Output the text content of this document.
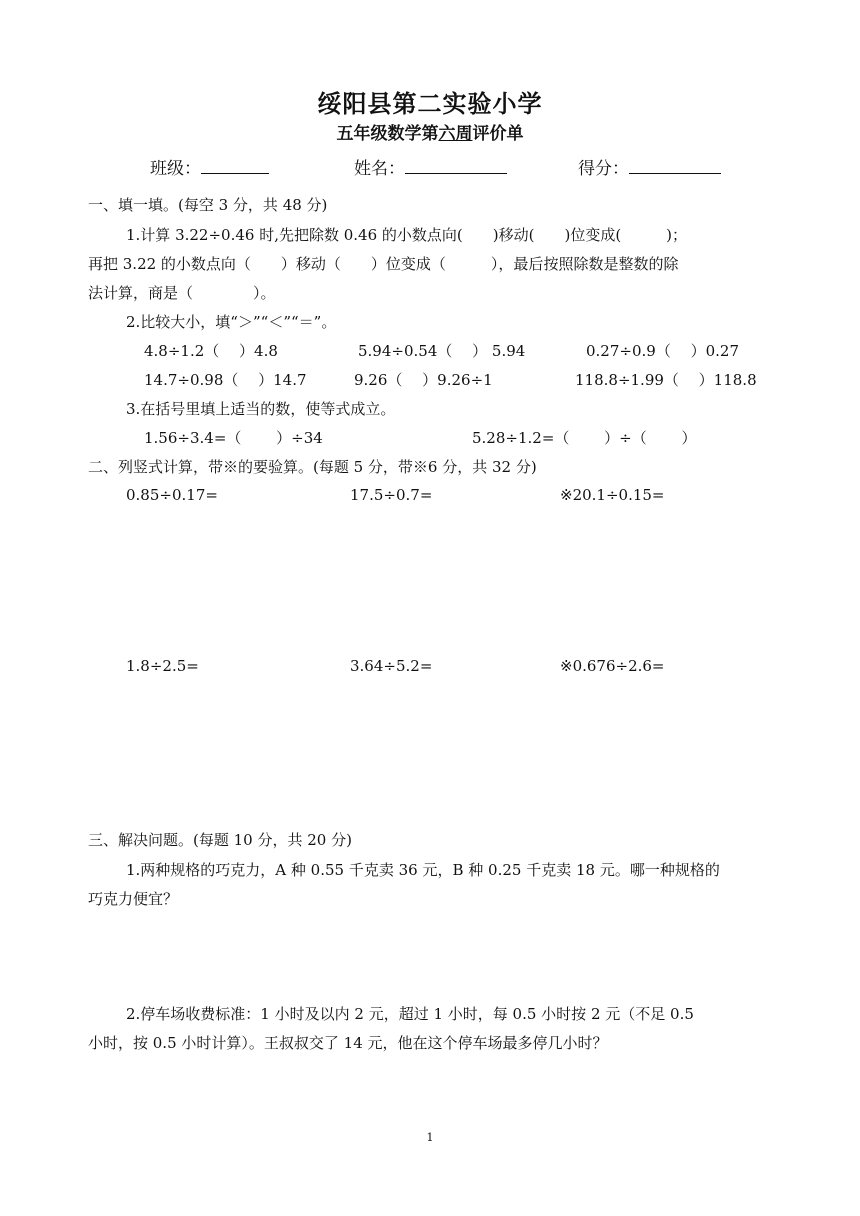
绥阳县第二实验小学
五年级数学第六周评价单
班级：	姓名：	得分：
一、填一填。(每空 3 分，共 48 分)
1.计算 3.22÷0.46 时,先把除数 0.46 的小数点向(　　)移动(　　)位变成(　　　)；
再把 3.22 的小数点向（　　）移动（　　）位变成（　　　），最后按照除数是整数的除
法计算，商是（　　　　）。
2.比较大小，填“＞”“＜”“＝”。
4.8÷1.2（　 ）4.8	5.94÷0.54（　 ） 5.94	0.27÷0.9（　 ）0.27
14.7÷0.98（　 ）14.7	9.26（　 ）9.26÷1	118.8÷1.99（　 ）118.8
3.在括号里填上适当的数，使等式成立。
1.56÷3.4=（　　 ）÷34	5.28÷1.2=（　　 ）÷（　　 ）
二、列竖式计算，带※的要验算。(每题 5 分，带※6 分，共 32 分)
0.85÷0.17=	17.5÷0.7=	※20.1÷0.15=
1.8÷2.5=	3.64÷5.2=	※0.676÷2.6=
三、解决问题。(每题 10 分，共 20 分)
1.两种规格的巧克力，A 种 0.55 千克卖 36 元，B 种 0.25 千克卖 18 元。哪一种规格的
巧克力便宜？
2.停车场收费标准：1 小时及以内 2 元，超过 1 小时，每 0.5 小时按 2 元（不足 0.5
小时，按 0.5 小时计算）。王叔叔交了 14 元，他在这个停车场最多停几小时？
1
